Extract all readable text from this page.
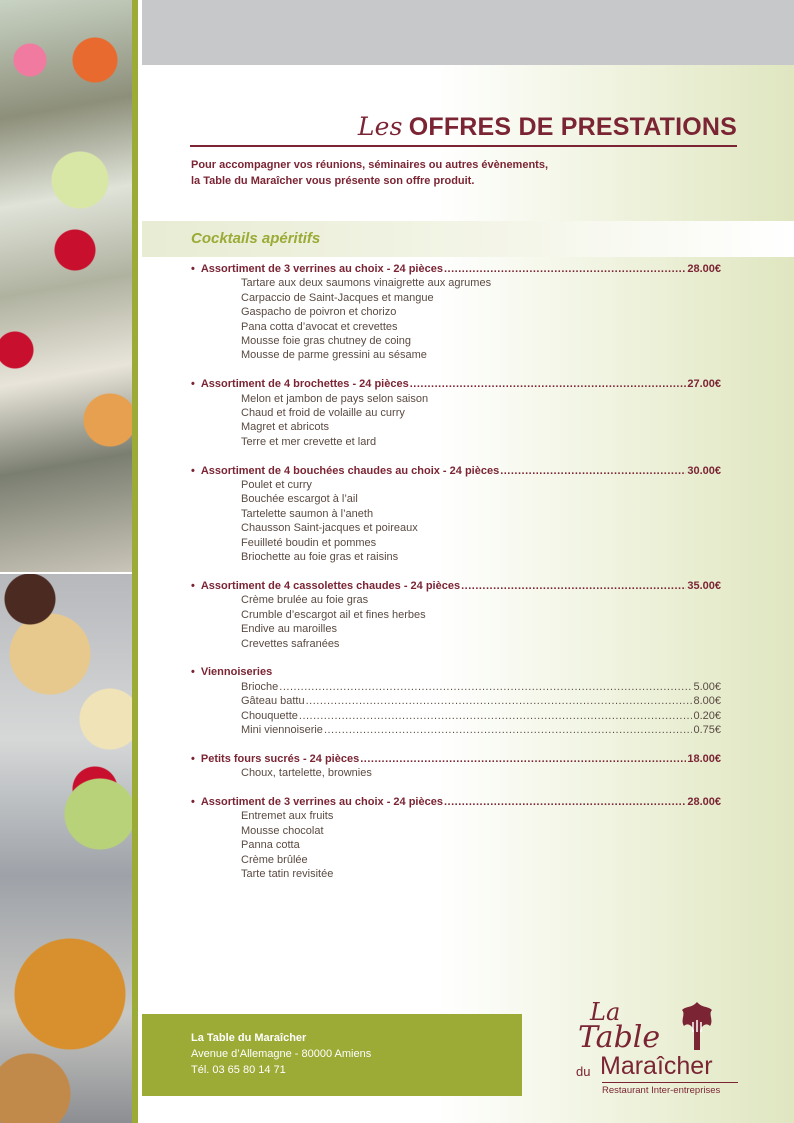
Les OFFRES DE PRESTATIONS
Pour accompagner vos réunions, séminaires ou autres évènements,
la Table du Maraîcher vous présente son offre produit.
Cocktails apéritifs
• Assortiment de 3 verrines au choix - 24 pièces .....	28.00€
Tartare aux deux saumons vinaigrette aux agrumes
Carpaccio de Saint-Jacques et mangue
Gaspacho de poivron et chorizo
Pana cotta d’avocat et crevettes
Mousse foie gras chutney de coing
Mousse de parme gressini au sésame
• Assortiment de 4 brochettes - 24 pièces .....	27.00€
Melon et jambon de pays selon saison
Chaud et froid de volaille au curry
Magret et abricots
Terre et mer crevette et lard
• Assortiment de 4 bouchées chaudes au choix - 24 pièces .....	30.00€
Poulet et curry
Bouchée escargot à l’ail
Tartelette saumon à l’aneth
Chausson Saint-jacques et poireaux
Feuilleté boudin et pommes
Briochette au foie gras et raisins
• Assortiment de 4 cassolettes chaudes - 24 pièces .....	35.00€
Crème brulée au foie gras
Crumble d’escargot ail et fines herbes
Endive au maroilles
Crevettes safranées
• Viennoiseries
Brioche .....	5.00€
Gâteau battu .....	8.00€
Chouquette .....	0.20€
Mini viennoiserie .....	0.75€
• Petits fours sucrés - 24 pièces .....	18.00€
Choux, tartelette, brownies
• Assortiment de 3 verrines au choix - 24 pièces .....	28.00€
Entremet aux fruits
Mousse chocolat
Panna cotta
Crème brûlée
Tarte tatin revisitée
La Table du Maraîcher
Avenue d’Allemagne - 80000 Amiens
Tél. 03 65 80 14 71
La
Table
du Maraîcher
Restaurant Inter-entreprises
